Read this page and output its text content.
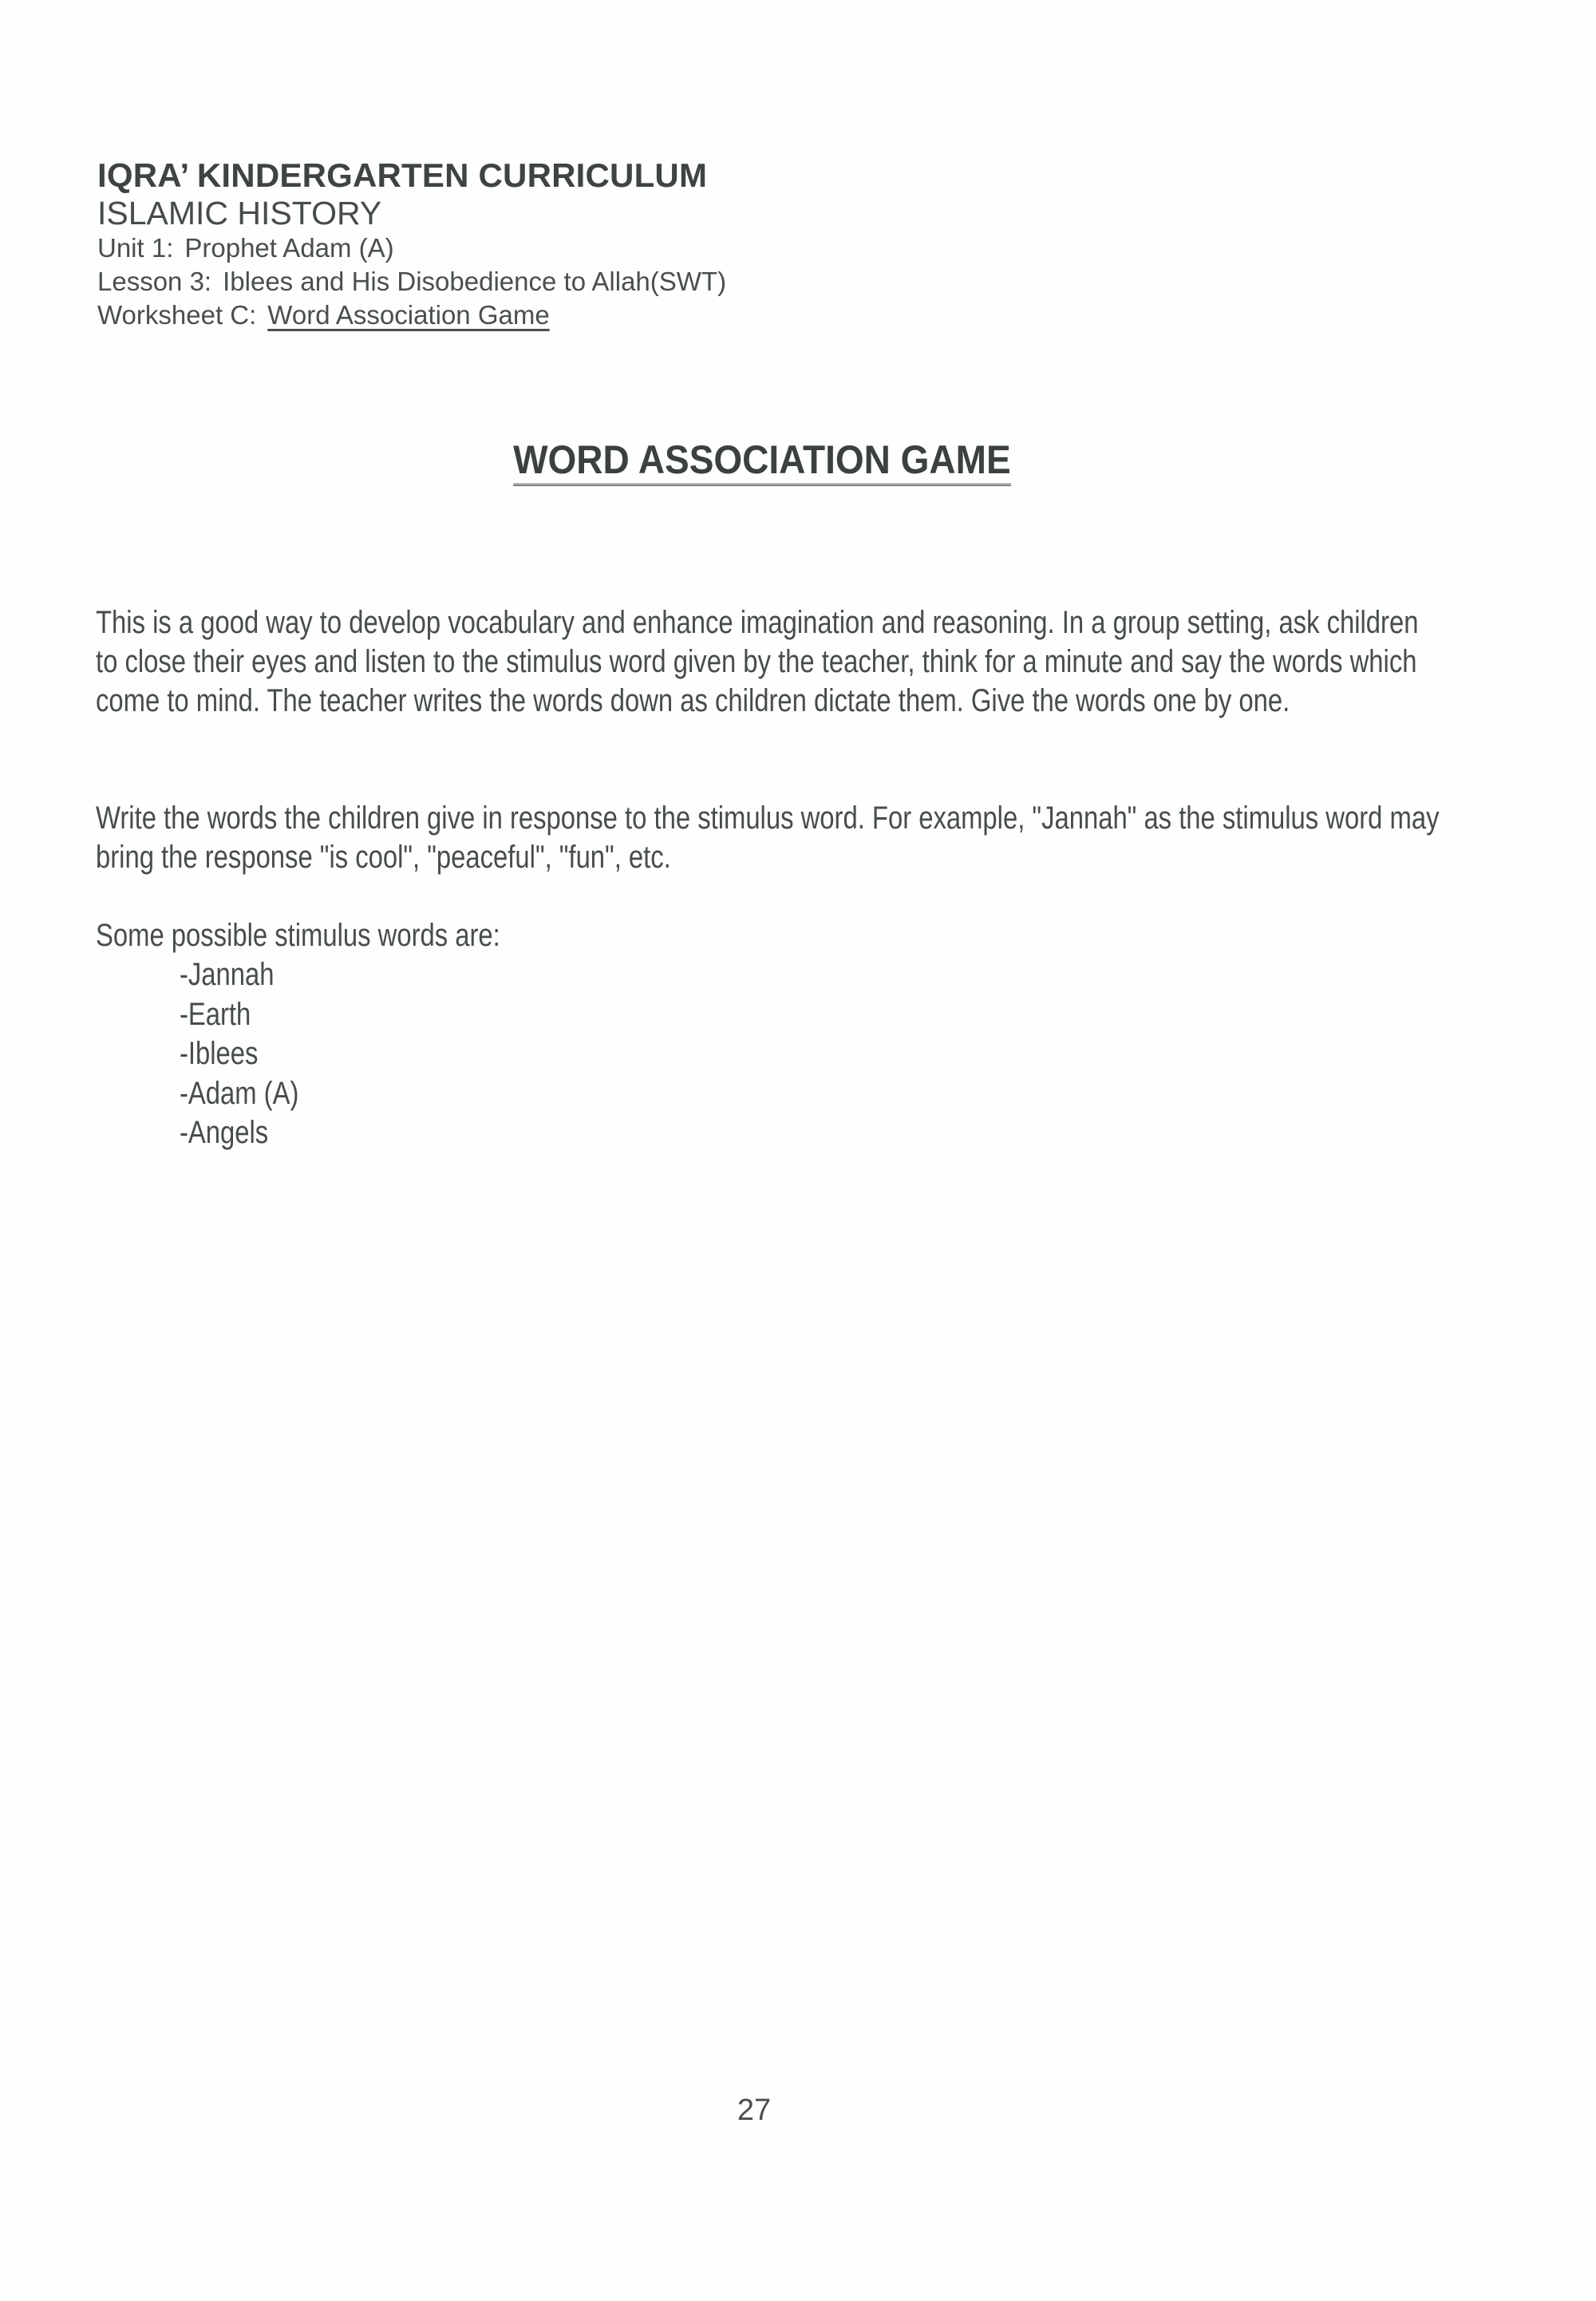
IQRA’ KINDERGARTEN CURRICULUM
ISLAMIC HISTORY
Unit 1: Prophet Adam (A)
Lesson 3: Iblees and His Disobedience to Allah(SWT)
Worksheet C: Word Association Game
WORD ASSOCIATION GAME
This is a good way to develop vocabulary and enhance imagination and reasoning. In a group setting, ask children to close their eyes and listen to the stimulus word given by the teacher, think for a minute and say the words which come to mind. The teacher writes the words down as children dictate them. Give the words one by one.
Write the words the children give in response to the stimulus word. For example, "Jannah" as the stimulus word may bring the response "is cool", "peaceful", "fun", etc.
Some possible stimulus words are:
-Jannah
-Earth
-Iblees
-Adam (A)
-Angels
27
